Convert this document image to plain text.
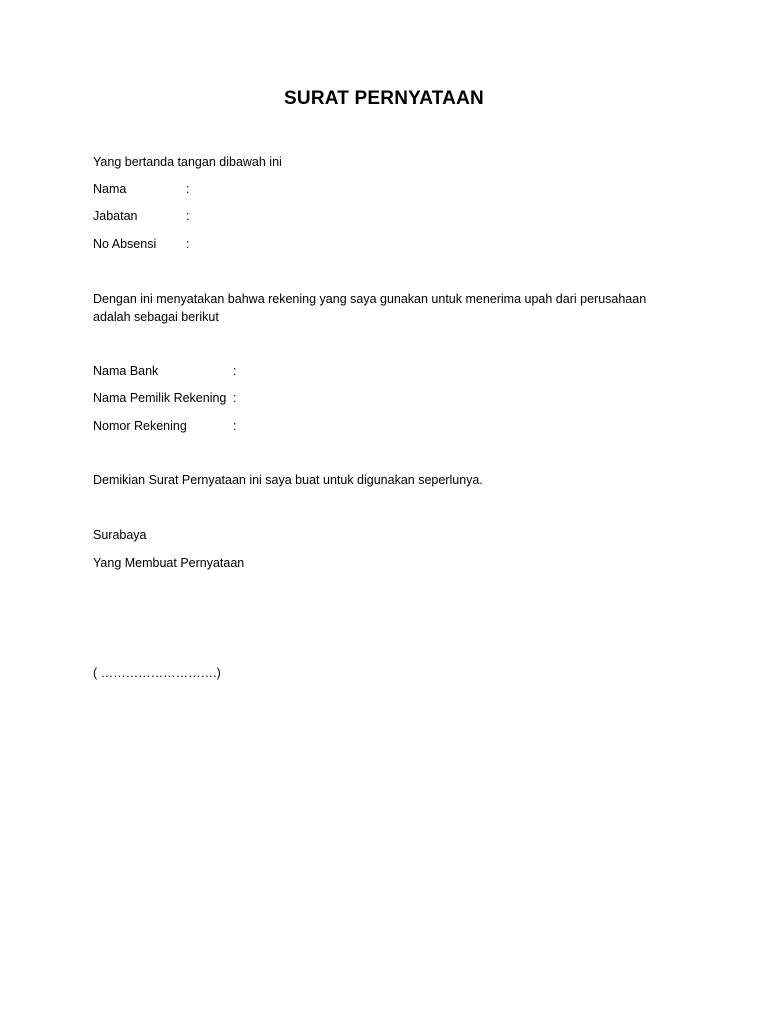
SURAT PERNYATAAN
Yang bertanda tangan dibawah ini
Nama	:
Jabatan	:
No Absensi :
Dengan ini menyatakan bahwa rekening yang saya gunakan untuk menerima upah dari perusahaan
adalah sebagai berikut
Nama Bank	:
Nama Pemilik Rekening :
Nomor Rekening	:
Demikian Surat Pernyataan ini saya buat untuk digunakan seperlunya.
Surabaya
Yang Membuat Pernyataan
( ……………………….)
